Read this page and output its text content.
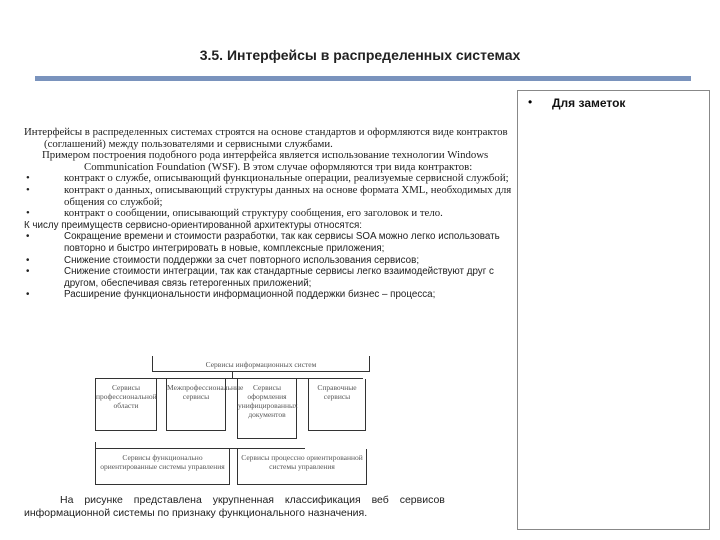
3.5. Интерфейсы в распределенных системах
• Для заметок

Интерфейсы в распределенных системах строятся на основе стандартов и оформляются виде контрактов (соглашений) между пользователями и сервисными службами.

Примером построения подобного рода интерфейса является использование технологии Windows Communication Foundation (WSF). В этом случае оформляются три вида контрактов:

•	контракт о службе, описывающий функциональные операции, реализуемые сервисной службой;
•	контракт о данных, описывающий структуры данных на основе формата XML, необходимых для общения со службой;
•	контракт о сообщении, описывающий структуру сообщения, его заголовок и тело.

К числу преимуществ сервисно-ориентированной архитектуры относятся:

•	Сокращение времени и стоимости разработки, так как сервисы SOA можно легко использовать повторно и быстро интегрировать в новые, комплексные приложения;
•	Снижение стоимости поддержки за счет повторного использования сервисов;
•	Снижение стоимости интеграции, так как стандартные сервисы легко взаимодействуют друг с другом, обеспечивая связь гетерогенных приложений;
•	Расширение функциональности информационной поддержки бизнес – процесса;
Сервисы информационных систем
Сервисы профессиональной области
Межпрофессиональные сервисы
Сервисы оформления унифицированных документов
Справочные сервисы
Сервисы функционально ориентированные системы управления
Сервисы процессно ориентированной системы управления
На рисунке представлена укрупненная классификация веб сервисов
информационной системы по признаку функционального назначения.
